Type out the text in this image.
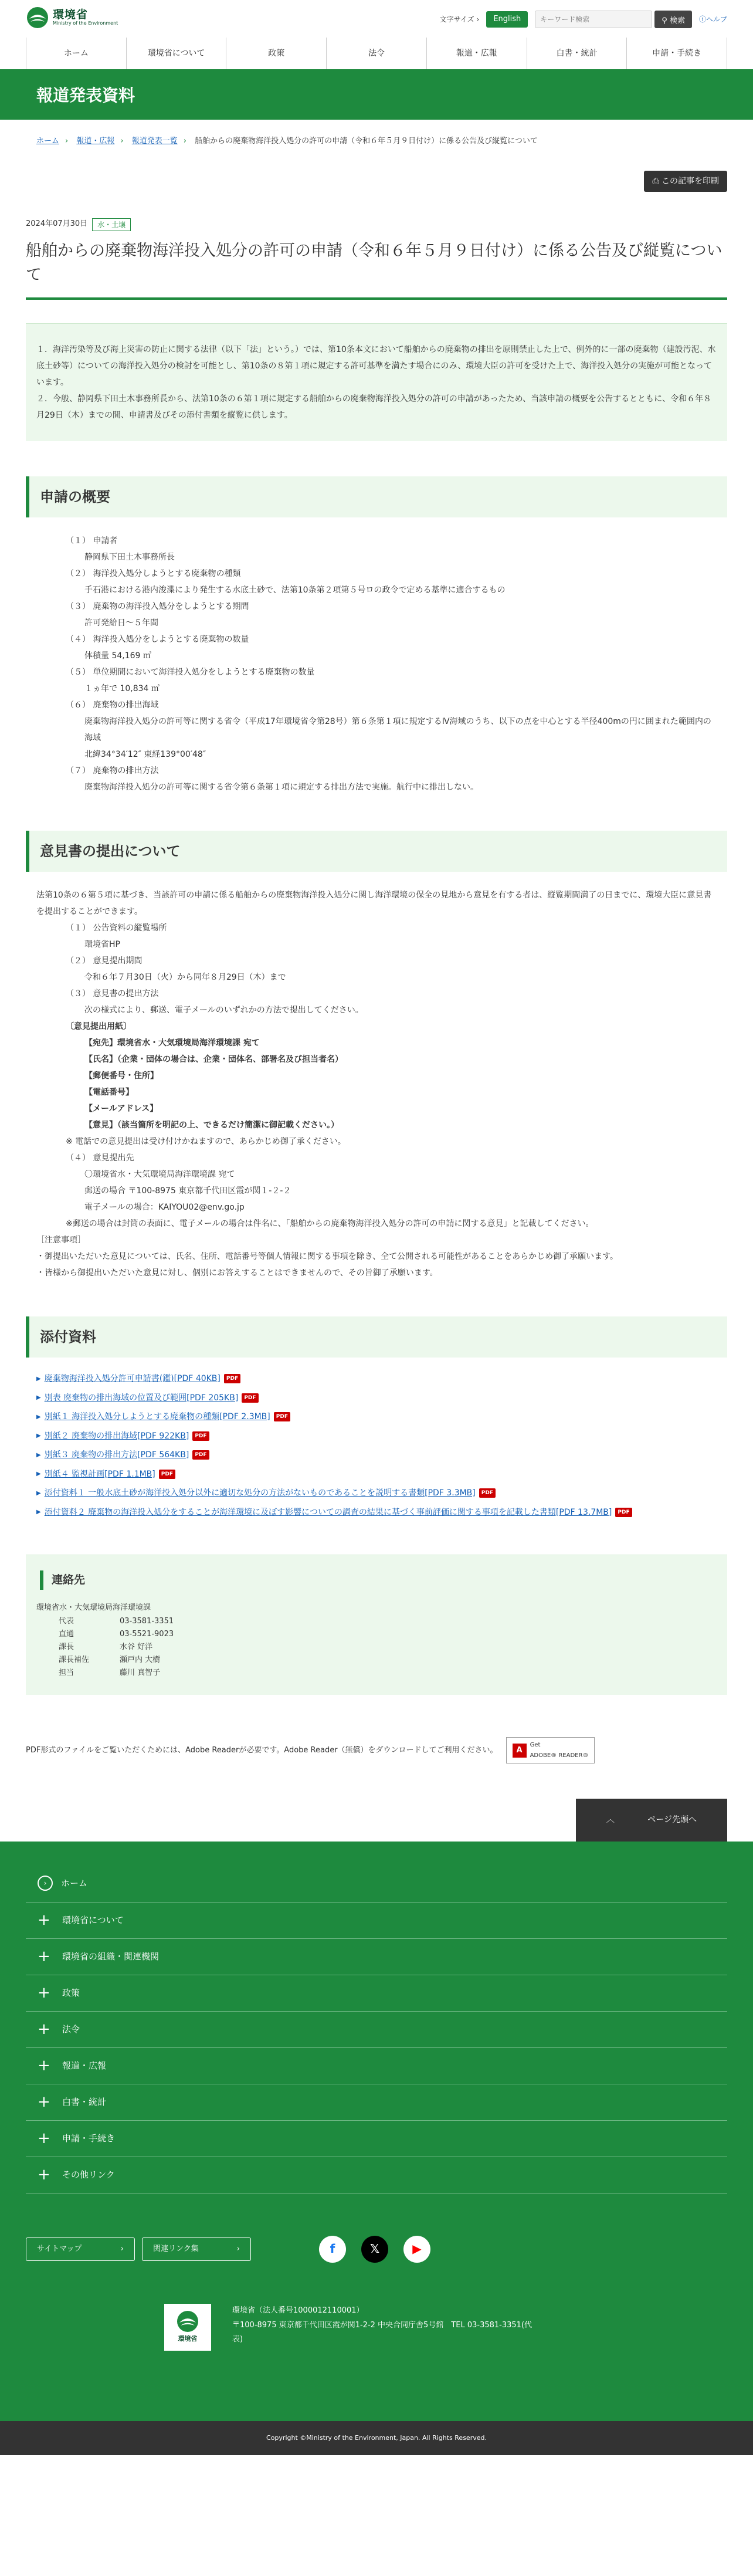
環境省
Ministry of the Environment
文字サイズ ›	English
キーワード検索	⚲ 検索	ⓘヘルプ
ホーム	環境省について	政策	法令	報道・広報	白書・統計	申請・手続き
報道発表資料
ホーム › 報道・広報 › 報道発表一覧 › 船舶からの廃棄物海洋投入処分の許可の申請（令和６年５月９日付け）に係る公告及び縦覧について
⎙ この記事を印刷
2024年07月30日	水・土壌
船舶からの廃棄物海洋投入処分の許可の申請（令和６年５月９日付け）に係る公告及び縦覧について

１．海洋汚染等及び海上災害の防止に関する法律（以下「法」という。）では、第10条本文において船舶からの廃棄物の排出を原則禁止した上で、例外的に一部の廃棄物（建設汚泥、水底土砂等）についての海洋投入処分の検討を可能とし、第10条の８第１項に規定する許可基準を満たす場合にのみ、環境大臣の許可を受けた上で、海洋投入処分の実施が可能となっています。

２．今般、静岡県下田土木事務所長から、法第10条の６第１項に規定する船舶からの廃棄物海洋投入処分の許可の申請があったため、当該申請の概要を公告するとともに、令和６年８月29日（木）までの間、申請書及びその添付書類を縦覧に供します。

申請の概要

（１） 申請者

静岡県下田土木事務所長

（２） 海洋投入処分しようとする廃棄物の種類

手石港における港内浚渫により発生する水底土砂で、法第10条第２項第５号ロの政令で定める基準に適合するもの

（３） 廃棄物の海洋投入処分をしようとする期間

許可発給日～５年間

（４） 海洋投入処分をしようとする廃棄物の数量

体積量 54,169 ㎥

（５） 単位期間において海洋投入処分をしようとする廃棄物の数量

１ヵ年で 10,834 ㎥

（６） 廃棄物の排出海域

廃棄物海洋投入処分の許可等に関する省令（平成17年環境省令第28号）第６条第１項に規定するⅣ海域のうち、以下の点を中心とする半径400mの円に囲まれた範囲内の海域

北緯34°34′12″ 東経139°00′48″

（７） 廃棄物の排出方法

廃棄物海洋投入処分の許可等に関する省令第６条第１項に規定する排出方法で実施。航行中に排出しない。

意見書の提出について

法第10条の６第５項に基づき、当該許可の申請に係る船舶からの廃棄物海洋投入処分に関し海洋環境の保全の見地から意見を有する者は、縦覧期間満了の日までに、環境大臣に意見書を提出することができます。

（１） 公告資料の縦覧場所

環境省HP

（２） 意見提出期間

令和６年７月30日（火）から同年８月29日（木）まで

（３） 意見書の提出方法

次の様式により、郵送、電子メールのいずれかの方法で提出してください。

〔意見提出用紙〕

【宛先】環境省水・大気環境局海洋環境課 宛て

【氏名】（企業・団体の場合は、企業・団体名、部署名及び担当者名）

【郵便番号・住所】

【電話番号】

【メールアドレス】

【意見】（該当箇所を明記の上、できるだけ簡潔に御記載ください。）

※ 電話での意見提出は受け付けかねますので、あらかじめ御了承ください。

（４） 意見提出先

〇環境省水・大気環境局海洋環境課 宛て

郵送の場合 〒100-8975 東京都千代田区霞が関１-２-２

電子メールの場合：KAIYOU02@env.go.jp

※郵送の場合は封筒の表面に、電子メールの場合は件名に、「船舶からの廃棄物海洋投入処分の許可の申請に関する意見」と記載してください。

［注意事項］

・御提出いただいた意見については、氏名、住所、電話番号等個人情報に関する事項を除き、全て公開される可能性があることをあらかじめ御了承願います。

・皆様から御提出いただいた意見に対し、個別にお答えすることはできませんので、その旨御了承願います。

添付資料
▶ 廃棄物海洋投入処分許可申請書(鑑)[PDF 40KB]	PDF
▶ 別表 廃棄物の排出海域の位置及び範囲[PDF 205KB]	PDF
▶ 別紙１ 海洋投入処分しようとする廃棄物の種類[PDF 2.3MB]	PDF
▶ 別紙２ 廃棄物の排出海域[PDF 922KB]	PDF
▶ 別紙３ 廃棄物の排出方法[PDF 564KB]	PDF
▶ 別紙４ 監視計画[PDF 1.1MB]	PDF
▶ 添付資料１ 一般水底土砂が海洋投入処分以外に適切な処分の方法がないものであることを説明する書類[PDF 3.3MB]	PDF
▶ 添付資料２ 廃棄物の海洋投入処分をすることが海洋環境に及ぼす影響についての調査の結果に基づく事前評価に関する事項を記載した書類[PDF 13.7MB]	PDF
連絡先

環境省水・大気環境局海洋環境課

代表	03-3581-3351
直通	03-5521-9023
課長	水谷 好洋
課長補佐	瀬戸内 大樹
担当	藤川 真智子
PDF形式のファイルをご覧いただくためには、Adobe Readerが必要です。Adobe Reader（無償）をダウンロードしてご利用ください。	A
Get
ADOBE® READER®
︿	ページ先頭へ
›	ホーム
+ 環境省について
+ 環境省の組織・関連機関
+ 政策
+ 法令
+ 報道・広報
+ 白書・統計
+ 申請・手続き
+ その他リンク
サイトマップ	›	関連リンク集	›	f	𝕏	▶
環境省

環境省（法人番号1000012110001）

〒100-8975 東京都千代田区霞が関1-2-2 中央合同庁舎5号館　TEL 03-3581-3351(代

表)

Copyright ©Ministry of the Environment, Japan. All Rights Reserved.
